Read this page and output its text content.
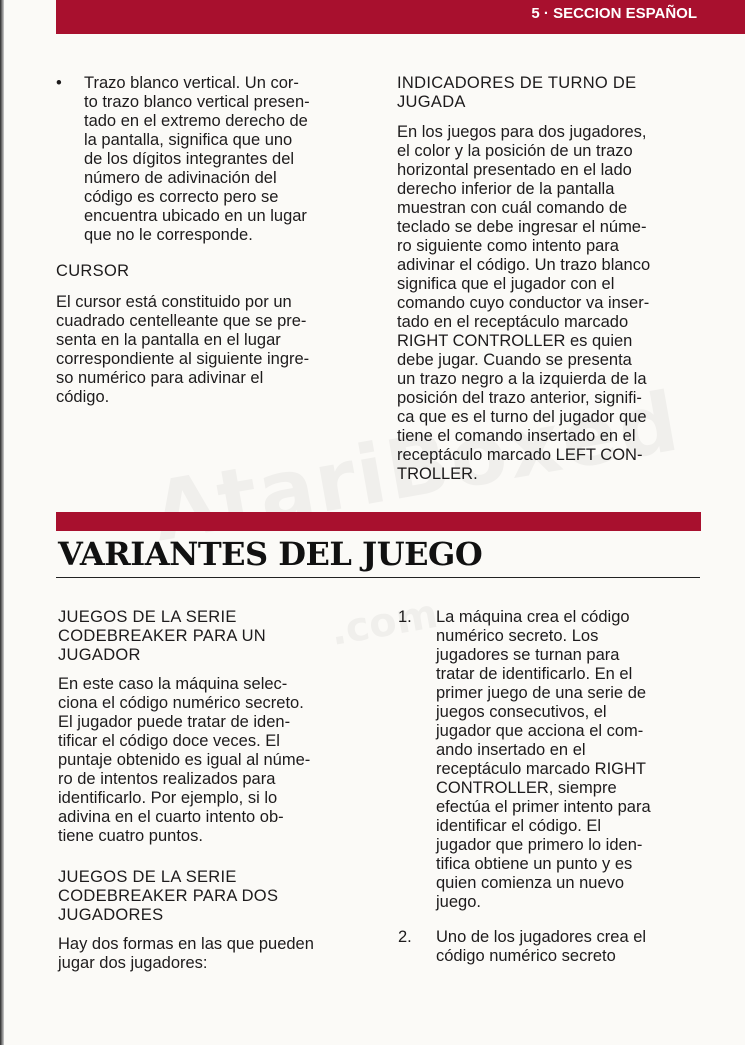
5 · SECCION ESPAÑOL
• Trazo blanco vertical. Un cor-

to trazo blanco vertical presen-

tado en el extremo derecho de

la pantalla, significa que uno

de los dígitos integrantes del

número de adivinación del

código es correcto pero se

encuentra ubicado en un lugar

que no le corresponde.

CURSOR

El cursor está constituido por un

cuadrado centelleante que se pre-

senta en la pantalla en el lugar

correspondiente al siguiente ingre-

so numérico para adivinar el

código.

INDICADORES DE TURNO DE

JUGADA

En los juegos para dos jugadores,

el color y la posición de un trazo

horizontal presentado en el lado

derecho inferior de la pantalla

muestran con cuál comando de

teclado se debe ingresar el núme-

ro siguiente como intento para

adivinar el código. Un trazo blanco

significa que el jugador con el

comando cuyo conductor va inser-

tado en el receptáculo marcado

RIGHT CONTROLLER es quien

debe jugar. Cuando se presenta

un trazo negro a la izquierda de la

posición del trazo anterior, signifi-

ca que es el turno del jugador que

tiene el comando insertado en el

receptáculo marcado LEFT CON-

TROLLER.

VARIANTES DEL JUEGO

JUEGOS DE LA SERIE

CODEBREAKER PARA UN

JUGADOR

En este caso la máquina selec-

ciona el código numérico secreto.

El jugador puede tratar de iden-

tificar el código doce veces. El

puntaje obtenido es igual al núme-

ro de intentos realizados para

identificarlo. Por ejemplo, si lo

adivina en el cuarto intento ob-

tiene cuatro puntos.

JUEGOS DE LA SERIE

CODEBREAKER PARA DOS

JUGADORES

Hay dos formas en las que pueden

jugar dos jugadores:

1. La máquina crea el código

numérico secreto. Los

jugadores se turnan para

tratar de identificarlo. En el

primer juego de una serie de

juegos consecutivos, el

jugador que acciona el com-

ando insertado en el

receptáculo marcado RIGHT

CONTROLLER, siempre

efectúa el primer intento para

identificar el código. El

jugador que primero lo iden-

tifica obtiene un punto y es

quien comienza un nuevo

juego.

2. Uno de los jugadores crea el

código numérico secreto
